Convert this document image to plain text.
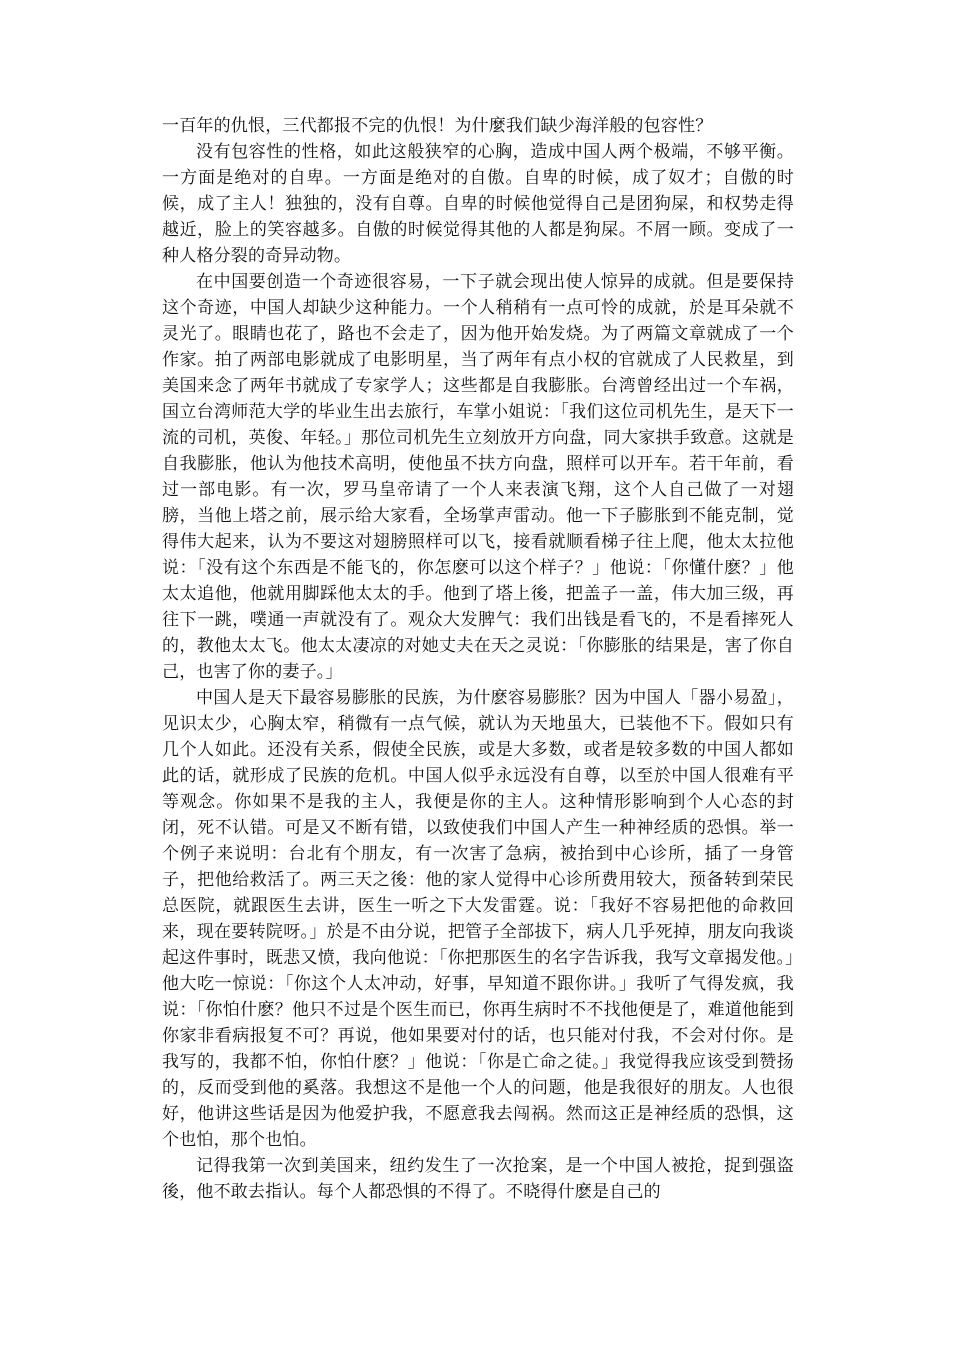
一百年的仇恨，三代都报不完的仇恨！为什麼我们缺少海洋般的包容性？

没有包容性的性格，如此这般狭窄的心胸，造成中国人两个极端，不够平衡。一方面是绝对的自卑。一方面是绝对的自傲。自卑的时候，成了奴才；自傲的时候，成了主人！独独的，没有自尊。自卑的时候他觉得自己是团狗屎，和权势走得越近，脸上的笑容越多。自傲的时候觉得其他的人都是狗屎。不屑一顾。变成了一种人格分裂的奇异动物。

在中国要创造一个奇迹很容易，一下子就会现出使人惊异的成就。但是要保持这个奇迹，中国人却缺少这种能力。一个人稍稍有一点可怜的成就，於是耳朵就不灵光了。眼睛也花了，路也不会走了，因为他开始发烧。为了两篇文章就成了一个作家。拍了两部电影就成了电影明星，当了两年有点小权的官就成了人民救星，到美国来念了两年书就成了专家学人；这些都是自我膨胀。台湾曾经出过一个车祸，国立台湾师范大学的毕业生出去旅行，车掌小姐说：「我们这位司机先生，是天下一流的司机，英俊、年轻。」那位司机先生立刻放开方向盘，同大家拱手致意。这就是自我膨胀，他认为他技术高明，使他虽不扶方向盘，照样可以开车。若干年前，看过一部电影。有一次，罗马皇帝请了一个人来表演飞翔，这个人自己做了一对翅膀，当他上塔之前，展示给大家看，全场掌声雷动。他一下子膨胀到不能克制，觉得伟大起来，认为不要这对翅膀照样可以飞，接看就顺看梯子往上爬，他太太拉他说：「没有这个东西是不能飞的，你怎麽可以这个样子？」他说：「你懂什麽？」他太太追他，他就用脚踩他太太的手。他到了塔上後，把盖子一盖，伟大加三级，再往下一跳，噗通一声就没有了。观众大发脾气：我们出钱是看飞的，不是看摔死人的，教他太太飞。他太太凄凉的对她丈夫在天之灵说：「你膨胀的结果是，害了你自己，也害了你的妻子。」

中国人是天下最容易膨胀的民族，为什麽容易膨胀？因为中国人「器小易盈」，见识太少，心胸太窄，稍微有一点气候，就认为天地虽大，已装他不下。假如只有几个人如此。还没有关系，假使全民族，或是大多数，或者是较多数的中国人都如此的话，就形成了民族的危机。中国人似乎永远没有自尊，以至於中国人很难有平等观念。你如果不是我的主人，我便是你的主人。这种情形影响到个人心态的封闭，死不认错。可是又不断有错，以致使我们中国人产生一种神经质的恐惧。举一个例子来说明：台北有个朋友，有一次害了急病，被抬到中心诊所，插了一身管子，把他给救活了。两三天之後：他的家人觉得中心诊所费用较大，预备转到荣民总医院，就跟医生去讲，医生一听之下大发雷霆。说：「我好不容易把他的命救回来，现在要转院呀。」於是不由分说，把管子全部拔下，病人几乎死掉，朋友向我谈起这件事时，既悲又愤，我向他说：「你把那医生的名字告诉我，我写文章揭发他。」他大吃一惊说：「你这个人太冲动，好事，早知道不跟你讲。」我听了气得发疯，我说：「你怕什麽？他只不过是个医生而已，你再生病时不不找他便是了，难道他能到你家非看病报复不可？再说，他如果要对付的话，也只能对付我，不会对付你。是我写的，我都不怕，你怕什麽？」他说：「你是亡命之徒。」我觉得我应该受到赞扬的，反而受到他的奚落。我想这不是他一个人的问题，他是我很好的朋友。人也很好，他讲这些话是因为他爱护我，不愿意我去闯祸。然而这正是神经质的恐惧，这个也怕，那个也怕。

记得我第一次到美国来，纽约发生了一次抢案，是一个中国人被抢，捉到强盗後，他不敢去指认。每个人都恐惧的不得了。不晓得什麽是自己的
